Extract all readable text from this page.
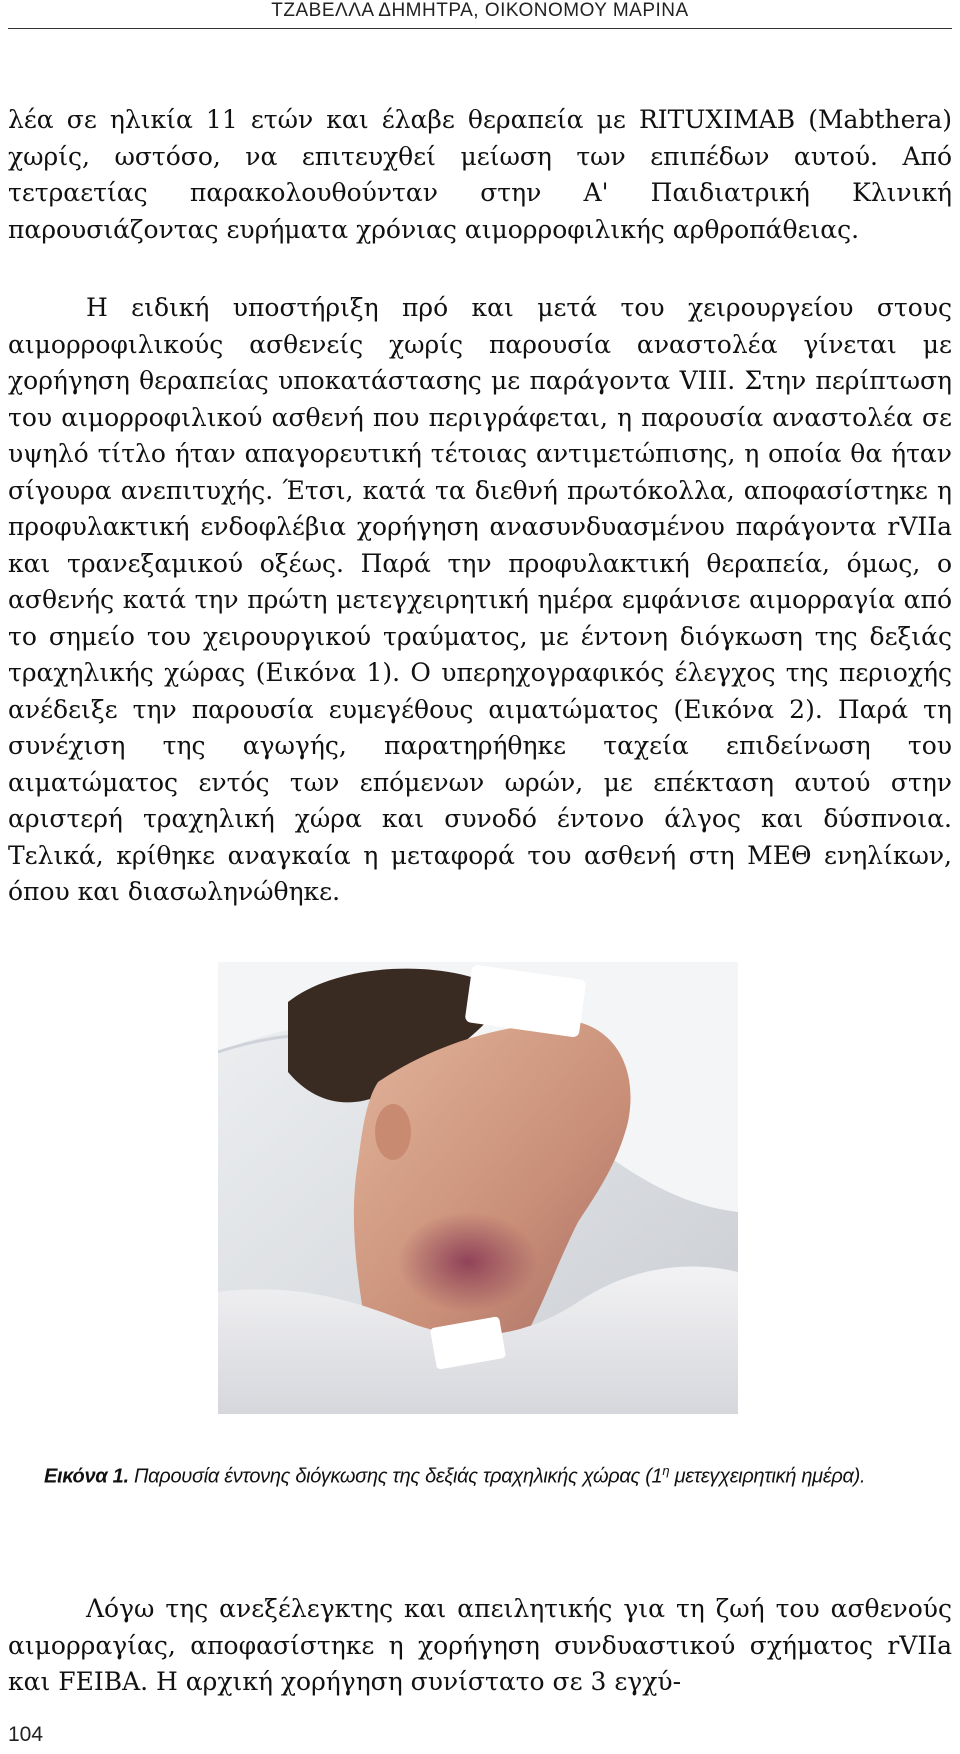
ΤΖΑΒΕΛΛΑ ΔΗΜΗΤΡΑ, ΟΙΚΟΝΟΜΟΥ ΜΑΡΙΝΑ

λέα σε ηλικία 11 ετών και έλαβε θεραπεία με RITUXIMAB (Mabthera) χωρίς, ωστόσο, να επιτευχθεί μείωση των επιπέδων αυτού. Από τετραετίας παρακολουθούνταν στην Α' Παιδιατρική Κλινική παρουσιάζοντας ευρήματα χρόνιας αιμορροφιλικής αρθροπάθειας.

Η ειδική υποστήριξη πρό και μετά του χειρουργείου στους αιμορροφιλικούς ασθενείς χωρίς παρουσία αναστολέα γίνεται με χορήγηση θεραπείας υποκατάστασης με παράγοντα VIII. Στην περίπτωση του αιμορροφιλικού ασθενή που περιγράφεται, η παρουσία αναστολέα σε υψηλό τίτλο ήταν απαγορευτική τέτοιας αντιμετώπισης, η οποία θα ήταν σίγουρα ανεπιτυχής. Έτσι, κατά τα διεθνή πρωτόκολλα, αποφασίστηκε η προφυλακτική ενδοφλέβια χορήγηση ανασυνδυασμένου παράγοντα rVIIa και τρανεξαμικού οξέως. Παρά την προφυλακτική θεραπεία, όμως, ο ασθενής κατά την πρώτη μετεγχειρητική ημέρα εμφάνισε αιμορραγία από το σημείο του χειρουργικού τραύματος, με έντονη διόγκωση της δεξιάς τραχηλικής χώρας (Εικόνα 1). Ο υπερηχογραφικός έλεγχος της περιοχής ανέδειξε την παρουσία ευμεγέθους αιματώματος (Εικόνα 2). Παρά τη συνέχιση της αγωγής, παρατηρήθηκε ταχεία επιδείνωση του αιματώματος εντός των επόμενων ωρών, με επέκταση αυτού στην αριστερή τραχηλική χώρα και συνοδό έντονο άλγος και δύσπνοια. Τελικά, κρίθηκε αναγκαία η μεταφορά του ασθενή στη ΜΕΘ ενηλίκων, όπου και διασωληνώθηκε.

Εικόνα 1. Παρουσία έντονης διόγκωσης της δεξιάς τραχηλικής χώρας ($1^\eta$ μετεγχειρητική ημέρα).

Λόγω της ανεξέλεγκτης και απειλητικής για τη ζωή του ασθενούς αιμορραγίας, αποφασίστηκε η χορήγηση συνδυαστικού σχήματος rVIIa και FEIBA. Η αρχική χορήγηση συνίστατο σε 3 εγχύ-

104
